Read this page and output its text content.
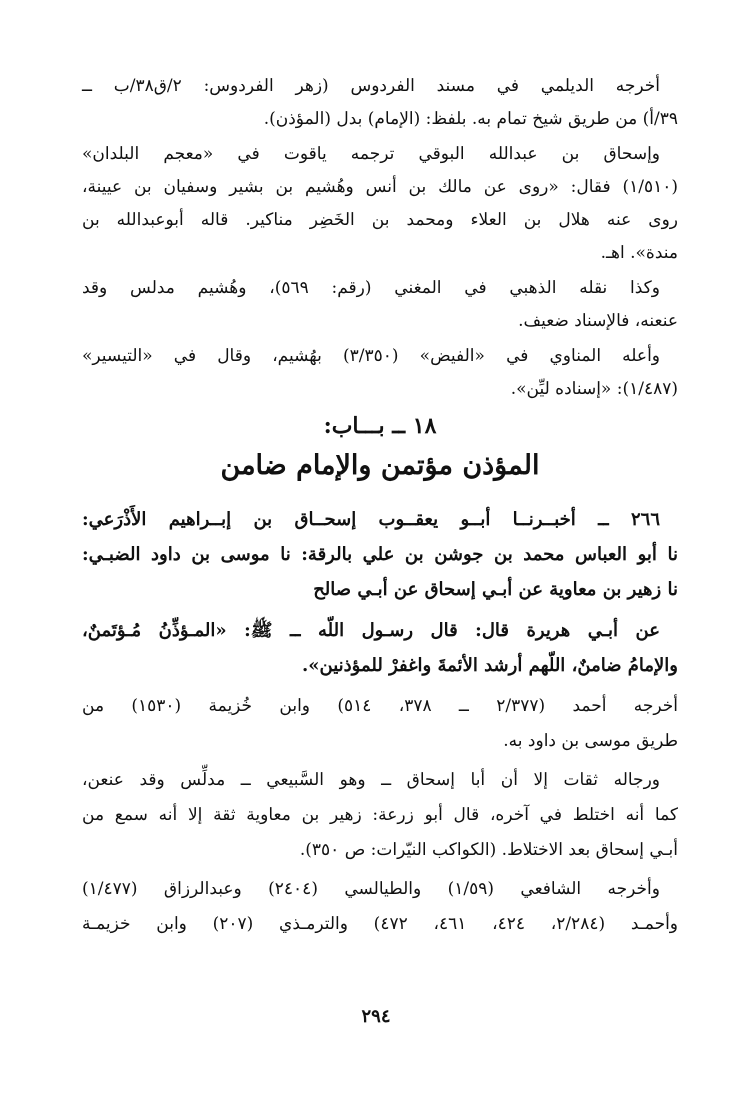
أخرجه الديلمي في مسند الفردوس (زهر الفردوس: ٢/ق٣٨/ب ــ
٣٩/أ) من طريق شيخ تمام به. بلفظ: (الإمام) بدل (المؤذن).

وإسحاق بن عبدالله البوقي ترجمه ياقوت في «معجم البلدان»
(١/٥١٠) فقال: «روى عن مالك بن أنس وهُشيم بن بشير وسفيان بن عيينة،
روى عنه هلال بن العلاء ومحمد بن الخَضِر مناكير. قاله أبوعبدالله بن
مندة». اهـ.

وكذا نقله الذهبي في المغني (رقم: ٥٦٩)، وهُشيم مدلس وقد
عنعنه، فالإسناد ضعيف.

وأعله المناوي في «الفيض» (٣/٣٥٠) بهُشيم، وقال في «التيسير»
(١/٤٨٧): «إسناده ليِّن».

١٨ ــ بـــاب:
المؤذن مؤتمن والإمام ضامن
٢٦٦ ــ أخبــرنــا أبــو يعقــوب إسحــاق بن إبــراهيم الأَذْرَعي:
نا أبو العباس محمد بن جوشن بن علي بالرقة: نا موسى بن داود الضبـي:
نا زهير بن معاوية عن أبـي إسحاق عن أبـي صالح
عن أبـي هريرة قال: قال رسـول اللّه ــ ﷺ: «المـؤذِّنُ مُـؤتَمنٌ،
والإمامُ ضامنٌ، اللّهم أرشد الأئمةَ واغفرْ للمؤذنين».
أخرجه أحمد (٢/٣٧٧ ــ ٣٧٨، ٥١٤) وابن خُزيمة (١٥٣٠) من
طريق موسى بن داود به.
ورجاله ثقات إلا أن أبا إسحاق ــ وهو السَّبيعي ــ مدلِّس وقد عنعن،
كما أنه اختلط في آخره، قال أبو زرعة: زهير بن معاوية ثقة إلا أنه سمع من
أبـي إسحاق بعد الاختلاط. (الكواكب النيّرات: ص ٣٥٠).
وأخرجه الشافعي (١/٥٩) والطيالسي (٢٤٠٤) وعبدالرزاق (١/٤٧٧)
وأحمـد (٢/٢٨٤، ٤٢٤، ٤٦١، ٤٧٢) والترمـذي (٢٠٧) وابن خزيمـة
٢٩٤
